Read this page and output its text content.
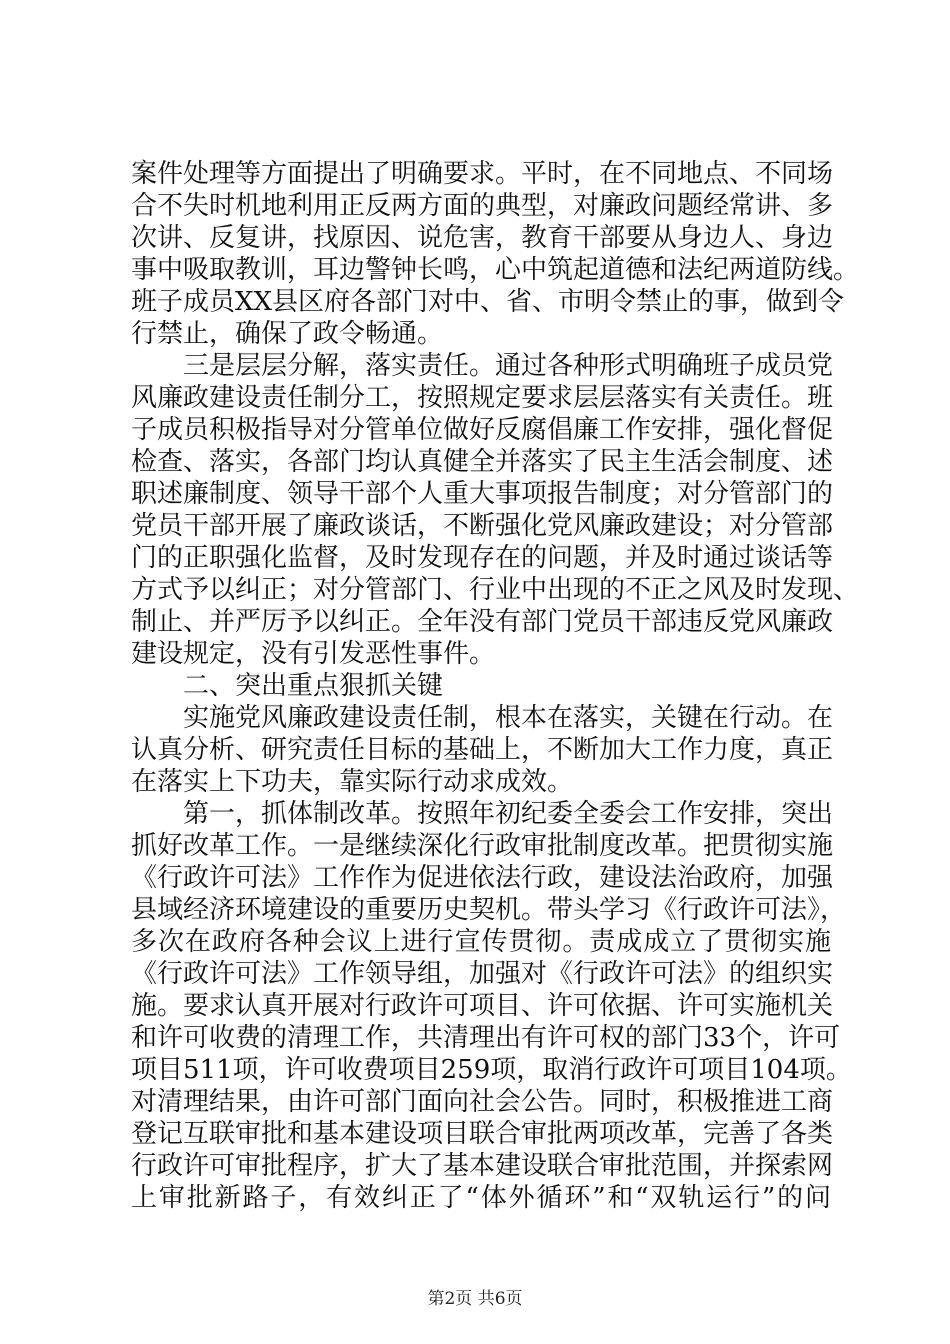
案件处理等方面提出了明确要求。平时，在不同地点、不同场
合不失时机地利用正反两方面的典型，对廉政问题经常讲、多
次讲、反复讲，找原因、说危害，教育干部要从身边人、身边
事中吸取教训，耳边警钟长鸣，心中筑起道德和法纪两道防线。
班子成员XX县区府各部门对中、省、市明令禁止的事，做到令
行禁止，确保了政令畅通。
三是层层分解，落实责任。通过各种形式明确班子成员党
风廉政建设责任制分工，按照规定要求层层落实有关责任。班
子成员积极指导对分管单位做好反腐倡廉工作安排，强化督促
检查、落实，各部门均认真健全并落实了民主生活会制度、述
职述廉制度、领导干部个人重大事项报告制度；对分管部门的
党员干部开展了廉政谈话，不断强化党风廉政建设；对分管部
门的正职强化监督，及时发现存在的问题，并及时通过谈话等
方式予以纠正；对分管部门、行业中出现的不正之风及时发现、
制止、并严厉予以纠正。全年没有部门党员干部违反党风廉政
建设规定，没有引发恶性事件。
二、突出重点狠抓关键
实施党风廉政建设责任制，根本在落实，关键在行动。在
认真分析、研究责任目标的基础上，不断加大工作力度，真正
在落实上下功夫，靠实际行动求成效。
第一，抓体制改革。按照年初纪委全委会工作安排，突出
抓好改革工作。一是继续深化行政审批制度改革。把贯彻实施
《行政许可法》工作作为促进依法行政，建设法治政府，加强
县域经济环境建设的重要历史契机。带头学习《行政许可法》，
多次在政府各种会议上进行宣传贯彻。责成成立了贯彻实施
《行政许可法》工作领导组，加强对《行政许可法》的组织实
施。要求认真开展对行政许可项目、许可依据、许可实施机关
和许可收费的清理工作，共清理出有许可权的部门33个，许可
项目511项，许可收费项目259项，取消行政许可项目104项。
对清理结果，由许可部门面向社会公告。同时，积极推进工商
登记互联审批和基本建设项目联合审批两项改革，完善了各类
行政许可审批程序，扩大了基本建设联合审批范围，并探索网
上审批新路子，有效纠正了“体外循环”和“双轨运行”的问
第2页 共6页
